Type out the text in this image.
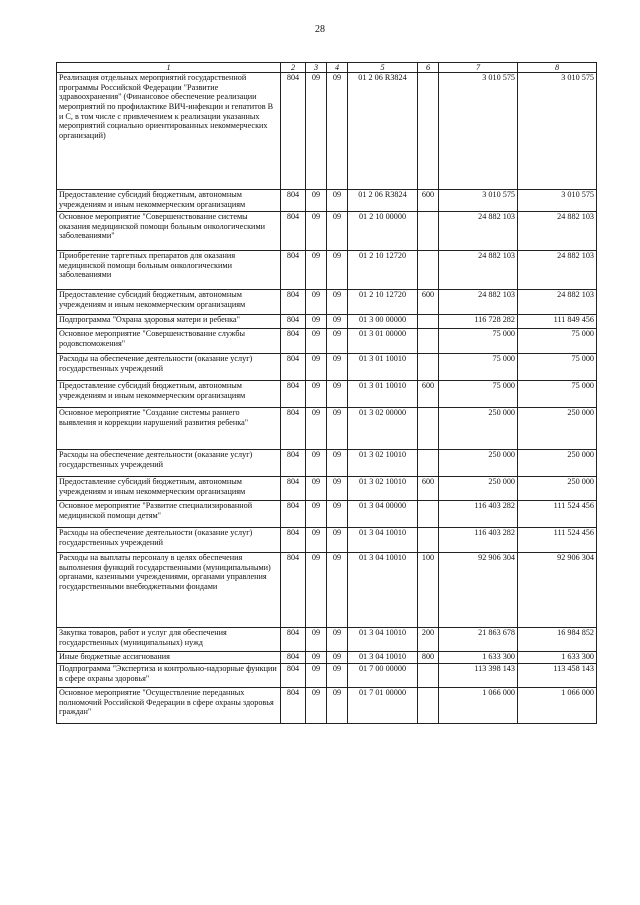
28
1	2	3	4	5	6	7	8
Реализация отдельных мероприятий государственной программы Российской Федерации "Развитие здравоохранения" (Финансовое обеспечение реализации мероприятий по профилактике ВИЧ-инфекции и гепатитов В и С, в том числе с привлечением к реализации указанных мероприятий социально ориентированных некоммерческих организаций)	804	09	09	01 2 06 R3824		3 010 575	3 010 575
Предоставление субсидий бюджетным, автономным учреждениям и иным некоммерческим организациям	804	09	09	01 2 06 R3824	600	3 010 575	3 010 575
Основное мероприятие "Совершенствование системы оказания медицинской помощи больным онкологическими заболеваниями"	804	09	09	01 2 10 00000		24 882 103	24 882 103
Приобретение таргетных препаратов для оказания медицинской помощи больным онкологическими заболеваниями	804	09	09	01 2 10 12720		24 882 103	24 882 103
Предоставление субсидий бюджетным, автономным учреждениям и иным некоммерческим организациям	804	09	09	01 2 10 12720	600	24 882 103	24 882 103
Подпрограмма "Охрана здоровья матери и ребенка"	804	09	09	01 3 00 00000		116 728 282	111 849 456
Основное мероприятие "Совершенствование службы родовспоможения"	804	09	09	01 3 01 00000		75 000	75 000
Расходы на обеспечение деятельности (оказание услуг) государственных учреждений	804	09	09	01 3 01 10010		75 000	75 000
Предоставление субсидий бюджетным, автономным учреждениям и иным некоммерческим организациям	804	09	09	01 3 01 10010	600	75 000	75 000
Основное мероприятие "Создание системы раннего выявления и коррекции нарушений развития ребенка"	804	09	09	01 3 02 00000		250 000	250 000
Расходы на обеспечение деятельности (оказание услуг) государственных учреждений	804	09	09	01 3 02 10010		250 000	250 000
Предоставление субсидий бюджетным, автономным учреждениям и иным некоммерческим организациям	804	09	09	01 3 02 10010	600	250 000	250 000
Основное мероприятие "Развитие специализированной медицинской помощи детям"	804	09	09	01 3 04 00000		116 403 282	111 524 456
Расходы на обеспечение деятельности (оказание услуг) государственных учреждений	804	09	09	01 3 04 10010		116 403 282	111 524 456
Расходы на выплаты персоналу в целях обеспечения выполнения функций государственными (муниципальными) органами, казенными учреждениями, органами управления государственными внебюджетными фондами	804	09	09	01 3 04 10010	100	92 906 304	92 906 304
Закупка товаров, работ и услуг для обеспечения государственных (муниципальных) нужд	804	09	09	01 3 04 10010	200	21 863 678	16 984 852
Иные бюджетные ассигнования	804	09	09	01 3 04 10010	800	1 633 300	1 633 300
Подпрограмма "Экспертиза и контрольно-надзорные функции в сфере охраны здоровья"	804	09	09	01 7 00 00000		113 398 143	113 458 143
Основное мероприятие "Осуществление переданных полномочий Российской Федерации в сфере охраны здоровья граждан"	804	09	09	01 7 01 00000		1 066 000	1 066 000
